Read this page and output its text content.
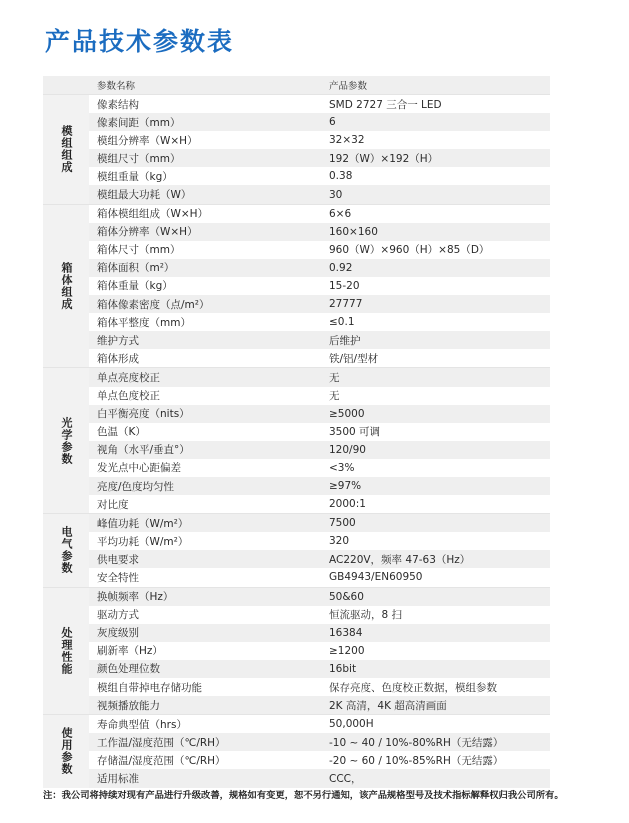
产品技术参数表
参数名称	产品参数
模组组成
像素结构	SMD 2727 三合一 LED
像素间距（mm）	6
模组分辨率（W×H）	32×32
模组尺寸（mm）	192（W）×192（H）
模组重量（kg）	0.38
模组最大功耗（W）	30
箱体组成
箱体模组组成（W×H）	6×6
箱体分辨率（W×H）	160×160
箱体尺寸（mm）	960（W）×960（H）×85（D）
箱体面积（m²）	0.92
箱体重量（kg）	15-20
箱体像素密度（点/m²）	27777
箱体平整度（mm）	≤0.1
维护方式	后维护
箱体形成	铁/铝/型材
光学参数
单点亮度校正	无
单点色度校正	无
白平衡亮度（nits）	≥5000
色温（K）	3500 可调
视角（水平/垂直°）	120/90
发光点中心距偏差	<3%
亮度/色度均匀性	≥97%
对比度	2000:1
电气参数
峰值功耗（W/m²）	7500
平均功耗（W/m²）	320
供电要求	AC220V，频率 47-63（Hz）
安全特性	GB4943/EN60950
处理性能
换帧频率（Hz）	50&60
驱动方式	恒流驱动，8 扫
灰度级别	16384
刷新率（Hz）	≥1200
颜色处理位数	16bit
模组自带掉电存储功能	保存亮度、色度校正数据，模组参数
视频播放能力	2K 高清，4K 超高清画面
使用参数
寿命典型值（hrs）	50,000H
工作温/湿度范围（℃/RH）	-10 ~ 40 / 10%-80%RH（无结露）
存储温/湿度范围（℃/RH）	-20 ~ 60 / 10%-85%RH（无结露）
适用标准	CCC，
注：我公司将持续对现有产品进行升级改善，规格如有变更，恕不另行通知，该产品规格型号及技术指标解释权归我公司所有。
